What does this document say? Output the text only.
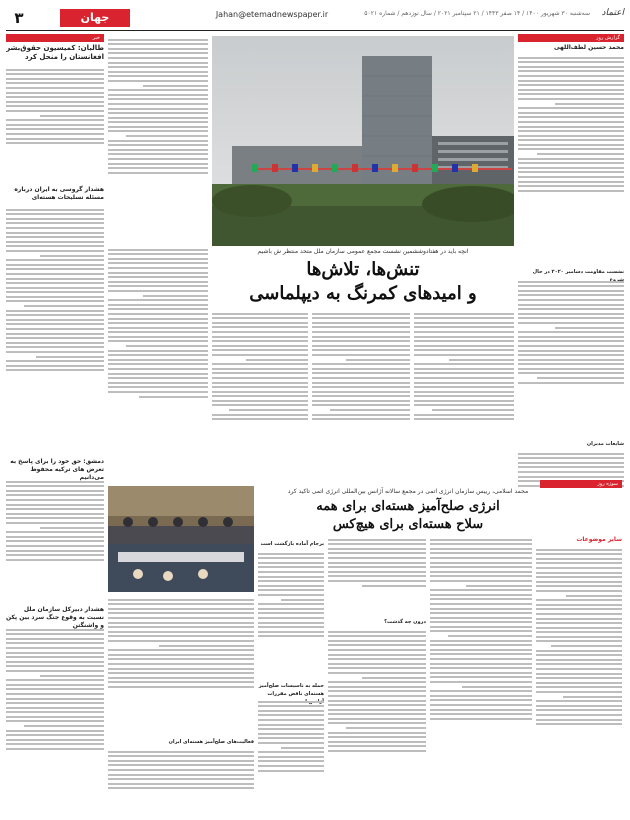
۳	جهان	Jahan@etemadnewspaper.ir	سه‌شنبه ۳۰ شهریور ۱۴۰۰ / ۱۴ صفر ۱۴۴۳ / ۲۱ سپتامبر ۲۰۲۱ / سال نوزدهم / شماره ۵۰۲۱	اعتماد
گزارش روز
محمد حسین لطف‌اللهی
نشست مقاومت دسامبر ۲۰۲۰ در حال
شایعات مدیران
خبر
طالبان: کمیسیون حقوق‌بشر افغانستان را منحل کرد
هشدار گروسی به ایران درباره مسئله تسلیحات هسته‌ای
دمشق: حق خود را برای پاسخ به تعرض های ترکیه محفوظ می‌دانیم
هشدار دبیرکل سازمان ملل نسبت به وقوع جنگ سرد بین پکن و واشنگتن
انچه باید در هفتادوششمین نشست مجمع عمومی سازمان ملل متحد منتظر ش باشیم
تنش‌ها، تلاش‌ها
و امیدهای کمرنگ به دیپلماسی
سوژه روز
محمد اسلامی، رییس سازمان انرژی اتمی در مجمع سالانه آژانس بین‌المللی انرژی اتمی تاکید کرد
انرژی صلح‌آمیز هسته‌ای برای همه
سلاح هسته‌ای برای هیچ‌کس
سایر موضوعات
درون چه گذشت؟
برجام آماده بازگشت است
حمله به تاسیسات صلح‌آمیز هسته‌ای ناقض مقررات
فعالیت‌های صلح‌آمیز هسته‌ای ایران
